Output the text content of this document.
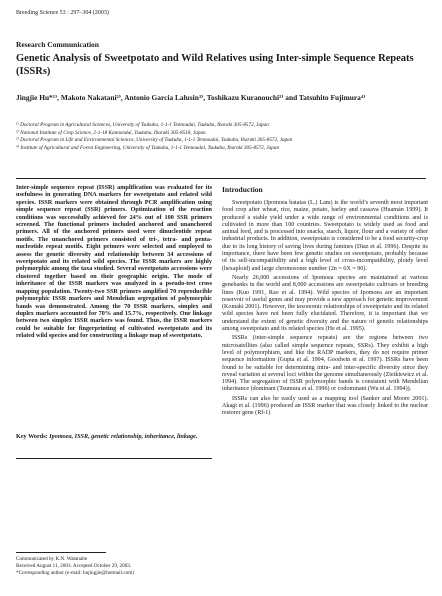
Breeding Science 53 : 297–304 (2003)
Research Communication
Genetic Analysis of Sweetpotato and Wild Relatives using Inter-simple Sequence Repeats (ISSRs)
Jingjie Hu*¹⁾, Makoto Nakatani²⁾, Antonio Garcia Lalusin³⁾, Toshikazu Kuranouchi²⁾ and Tatsuhito Fujimura⁴⁾
¹⁾ Doctoral Program in Agricultural Sciences, University of Tsukuba, 1-1-1 Tennoudai, Tsukuba, Ibaraki 305-8572, Japan
²⁾ National Institute of Crop Science, 2-1-18 Kannondai, Tsukuba, Ibaraki 305-8518, Japan
³⁾ Doctoral Program in Life and Environmental Sciences, University of Tsukuba, 1-1-1 Tennoudai, Tsukuba, Ibaraki 305-8572, Japan
⁴⁾ Institute of Agricultural and Forest Engineering, University of Tsukuba, 1-1-1 Tennoudai, Tsukuba, Ibaraki 305-8572, Japan

Inter-simple sequence repeat (ISSR) amplification was evaluated for its usefulness in generating DNA markers for sweetpotato and related wild species. ISSR markers were obtained through PCR amplification using simple sequence repeat (SSR) primers. Optimization of the reaction conditions was successfully achieved for 24% out of 100 SSR primers screened. The functional primers included anchored and unanchored primers. All of the anchored primers used were dinucleotide repeat motifs. The unanchored primers consisted of tri-, tetra- and penta-nucleotide repeat motifs. Eight primers were selected and employed to assess the genetic diversity and relationship between 34 accessions of sweetpotato and its related wild species. The ISSR markers are highly polymorphic among the taxa studied. Several sweetpotato accessions were clustered together based on their geographic origin. The mode of inheritance of the ISSR markers was analyzed in a pseudo-test cross mapping population. Twenty-two SSR primers amplified 70 reproducible polymorphic ISSR markers and Mendelian segregation of polymorphic bands was demonstrated. Among the 70 ISSR markers, simplex and duplex markers accounted for 70% and 15.7%, respectively. One linkage between two simplex ISSR markers was found. Thus, the ISSR markers could be suitable for fingerprinting of cultivated sweetpotato and its related wild species and for constructing a linkage map of sweetpotato.

Key Words: Ipomoea, ISSR, genetic relationship, inheritance, linkage.
Introduction

Sweetpotato (Ipomoea batatas (L.) Lam) is the world’s seventh most important food crop after wheat, rice, maize, potato, barley and cassava (Huamán 1999). It produced a stable yield under a wide range of environmental conditions and is cultivated in more than 100 countries. Sweetpotato is widely used as food and animal feed, and is processed into snacks, starch, liquor, flour and a variety of other industrial products. In addition, sweetpotato is considered to be a food security-crop due to its long history of saving lives during famines (Diaz et al. 1996). Despite its importance, there have been few genetic studies on sweetpotato, probably because of its self-incompatibility and a high level of cross-incompatibility, ploidy level (hexaploid) and large chromosome number (2n = 6X = 90).

Nearly 26,000 accessions of Ipomoea species are maintained at various genebanks in the world and 8,000 accessions are sweetpotato cultivars or breeding lines (Kuo 1991, Rao et al. 1994). Wild species of Ipomoea are an important reservoir of useful genes and may provide a new approach for genetic improvement (Komaki 2001). However, the taxonomic relationships of sweetpotato and its related wild species have not been fully elucidated. Therefore, it is important that we understand the extent of genetic diversity and the nature of genetic relationships among sweetpotato and its related species (He et al. 1995).

ISSRs (inter-simple sequence repeats) are the regions between two microsatellites (also called simple sequence repeats, SSRs). They exhibit a high level of polymorphism, and like the RADP markers, they do not require primer sequence information (Gupta et al. 1994, Goodwin et al. 1997). ISSRs have been found to be suitable for determining intra- and inter-specific diversity since they reveal variation at several loci within the genome simultaneously (Zietkiewicz et al. 1994). The segregation of ISSR polymorphic bands is consistent with Mendelian inheritance (dominant (Tsumura et al. 1996) or codominant (Wu et al. 1994)).

ISSRs can also be easily used as a mapping tool (Sanker and Moore 2001). Akagi et al. (1996) produced an ISSR marker that was closely linked to the nuclear restorer gene (Rf-1)

Communicated by K.N. Watanabe
Received August 11, 2003. Accepted October 29, 2003.
*Corresponding author (e-mail: hujingjie@hotmail.com)
